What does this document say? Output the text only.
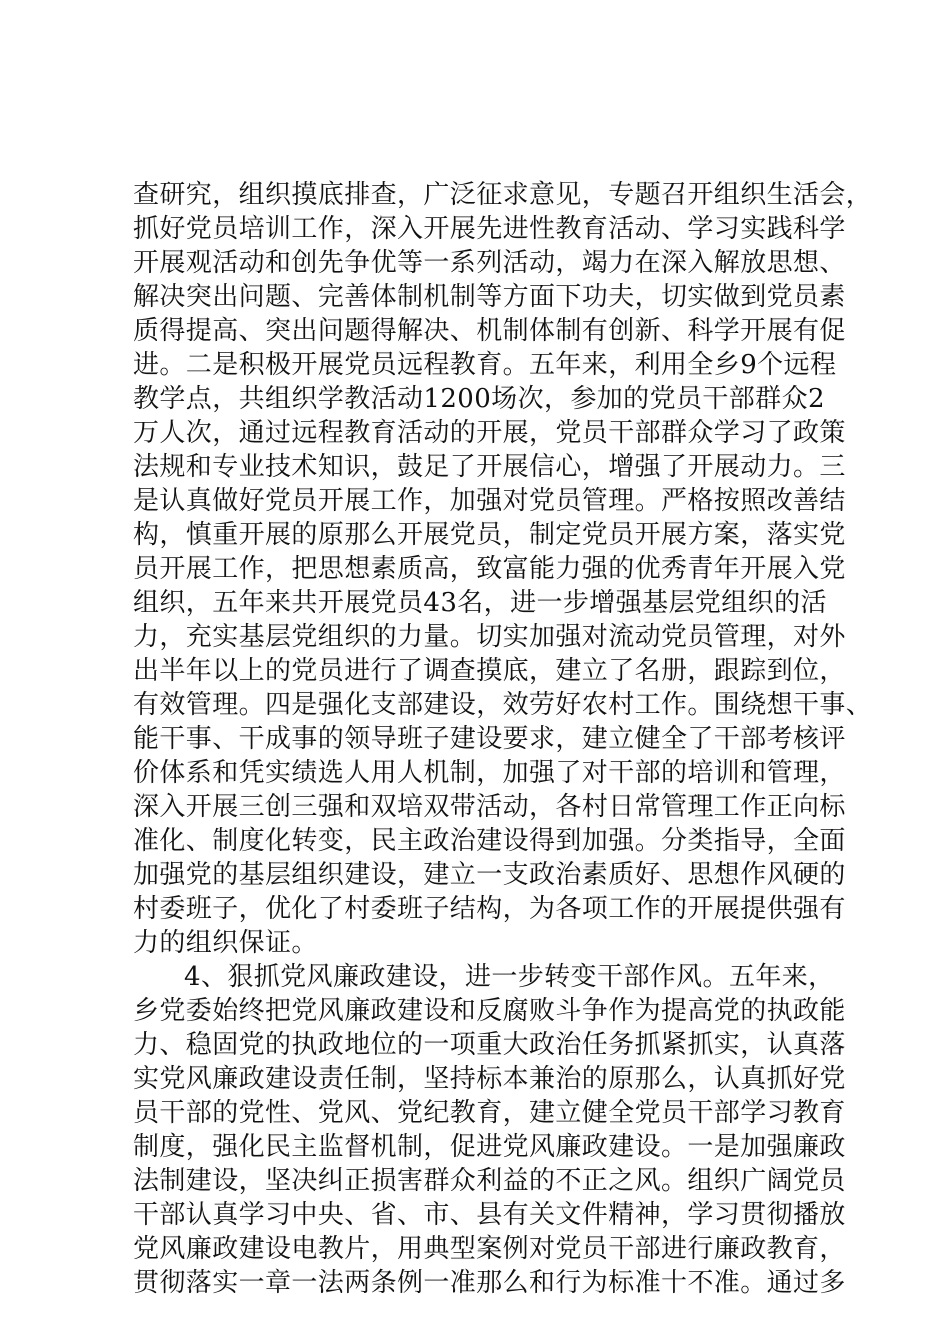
查研究，组织摸底排查，广泛征求意见，专题召开组织生活会，
抓好党员培训工作，深入开展先进性教育活动、学习实践科学
开展观活动和创先争优等一系列活动，竭力在深入解放思想、
解决突出问题、完善体制机制等方面下功夫，切实做到党员素
质得提高、突出问题得解决、机制体制有创新、科学开展有促
进。二是积极开展党员远程教育。五年来，利用全乡9个远程
教学点，共组织学教活动1200场次，参加的党员干部群众2
万人次，通过远程教育活动的开展，党员干部群众学习了政策
法规和专业技术知识，鼓足了开展信心，增强了开展动力。三
是认真做好党员开展工作，加强对党员管理。严格按照改善结
构，慎重开展的原那么开展党员，制定党员开展方案，落实党
员开展工作，把思想素质高，致富能力强的优秀青年开展入党
组织，五年来共开展党员43名，进一步增强基层党组织的活
力，充实基层党组织的力量。切实加强对流动党员管理，对外
出半年以上的党员进行了调查摸底，建立了名册，跟踪到位，
有效管理。四是强化支部建设，效劳好农村工作。围绕想干事、
能干事、干成事的领导班子建设要求，建立健全了干部考核评
价体系和凭实绩选人用人机制，加强了对干部的培训和管理，
深入开展三创三强和双培双带活动，各村日常管理工作正向标
准化、制度化转变，民主政治建设得到加强。分类指导，全面
加强党的基层组织建设，建立一支政治素质好、思想作风硬的
村委班子，优化了村委班子结构，为各项工作的开展提供强有
力的组织保证。
4、狠抓党风廉政建设，进一步转变干部作风。五年来，
乡党委始终把党风廉政建设和反腐败斗争作为提高党的执政能
力、稳固党的执政地位的一项重大政治任务抓紧抓实，认真落
实党风廉政建设责任制，坚持标本兼治的原那么，认真抓好党
员干部的党性、党风、党纪教育，建立健全党员干部学习教育
制度，强化民主监督机制，促进党风廉政建设。一是加强廉政
法制建设，坚决纠正损害群众利益的不正之风。组织广阔党员
干部认真学习中央、省、市、县有关文件精神，学习贯彻播放
党风廉政建设电教片，用典型案例对党员干部进行廉政教育，
贯彻落实一章一法两条例一准那么和行为标准十不准。通过多
